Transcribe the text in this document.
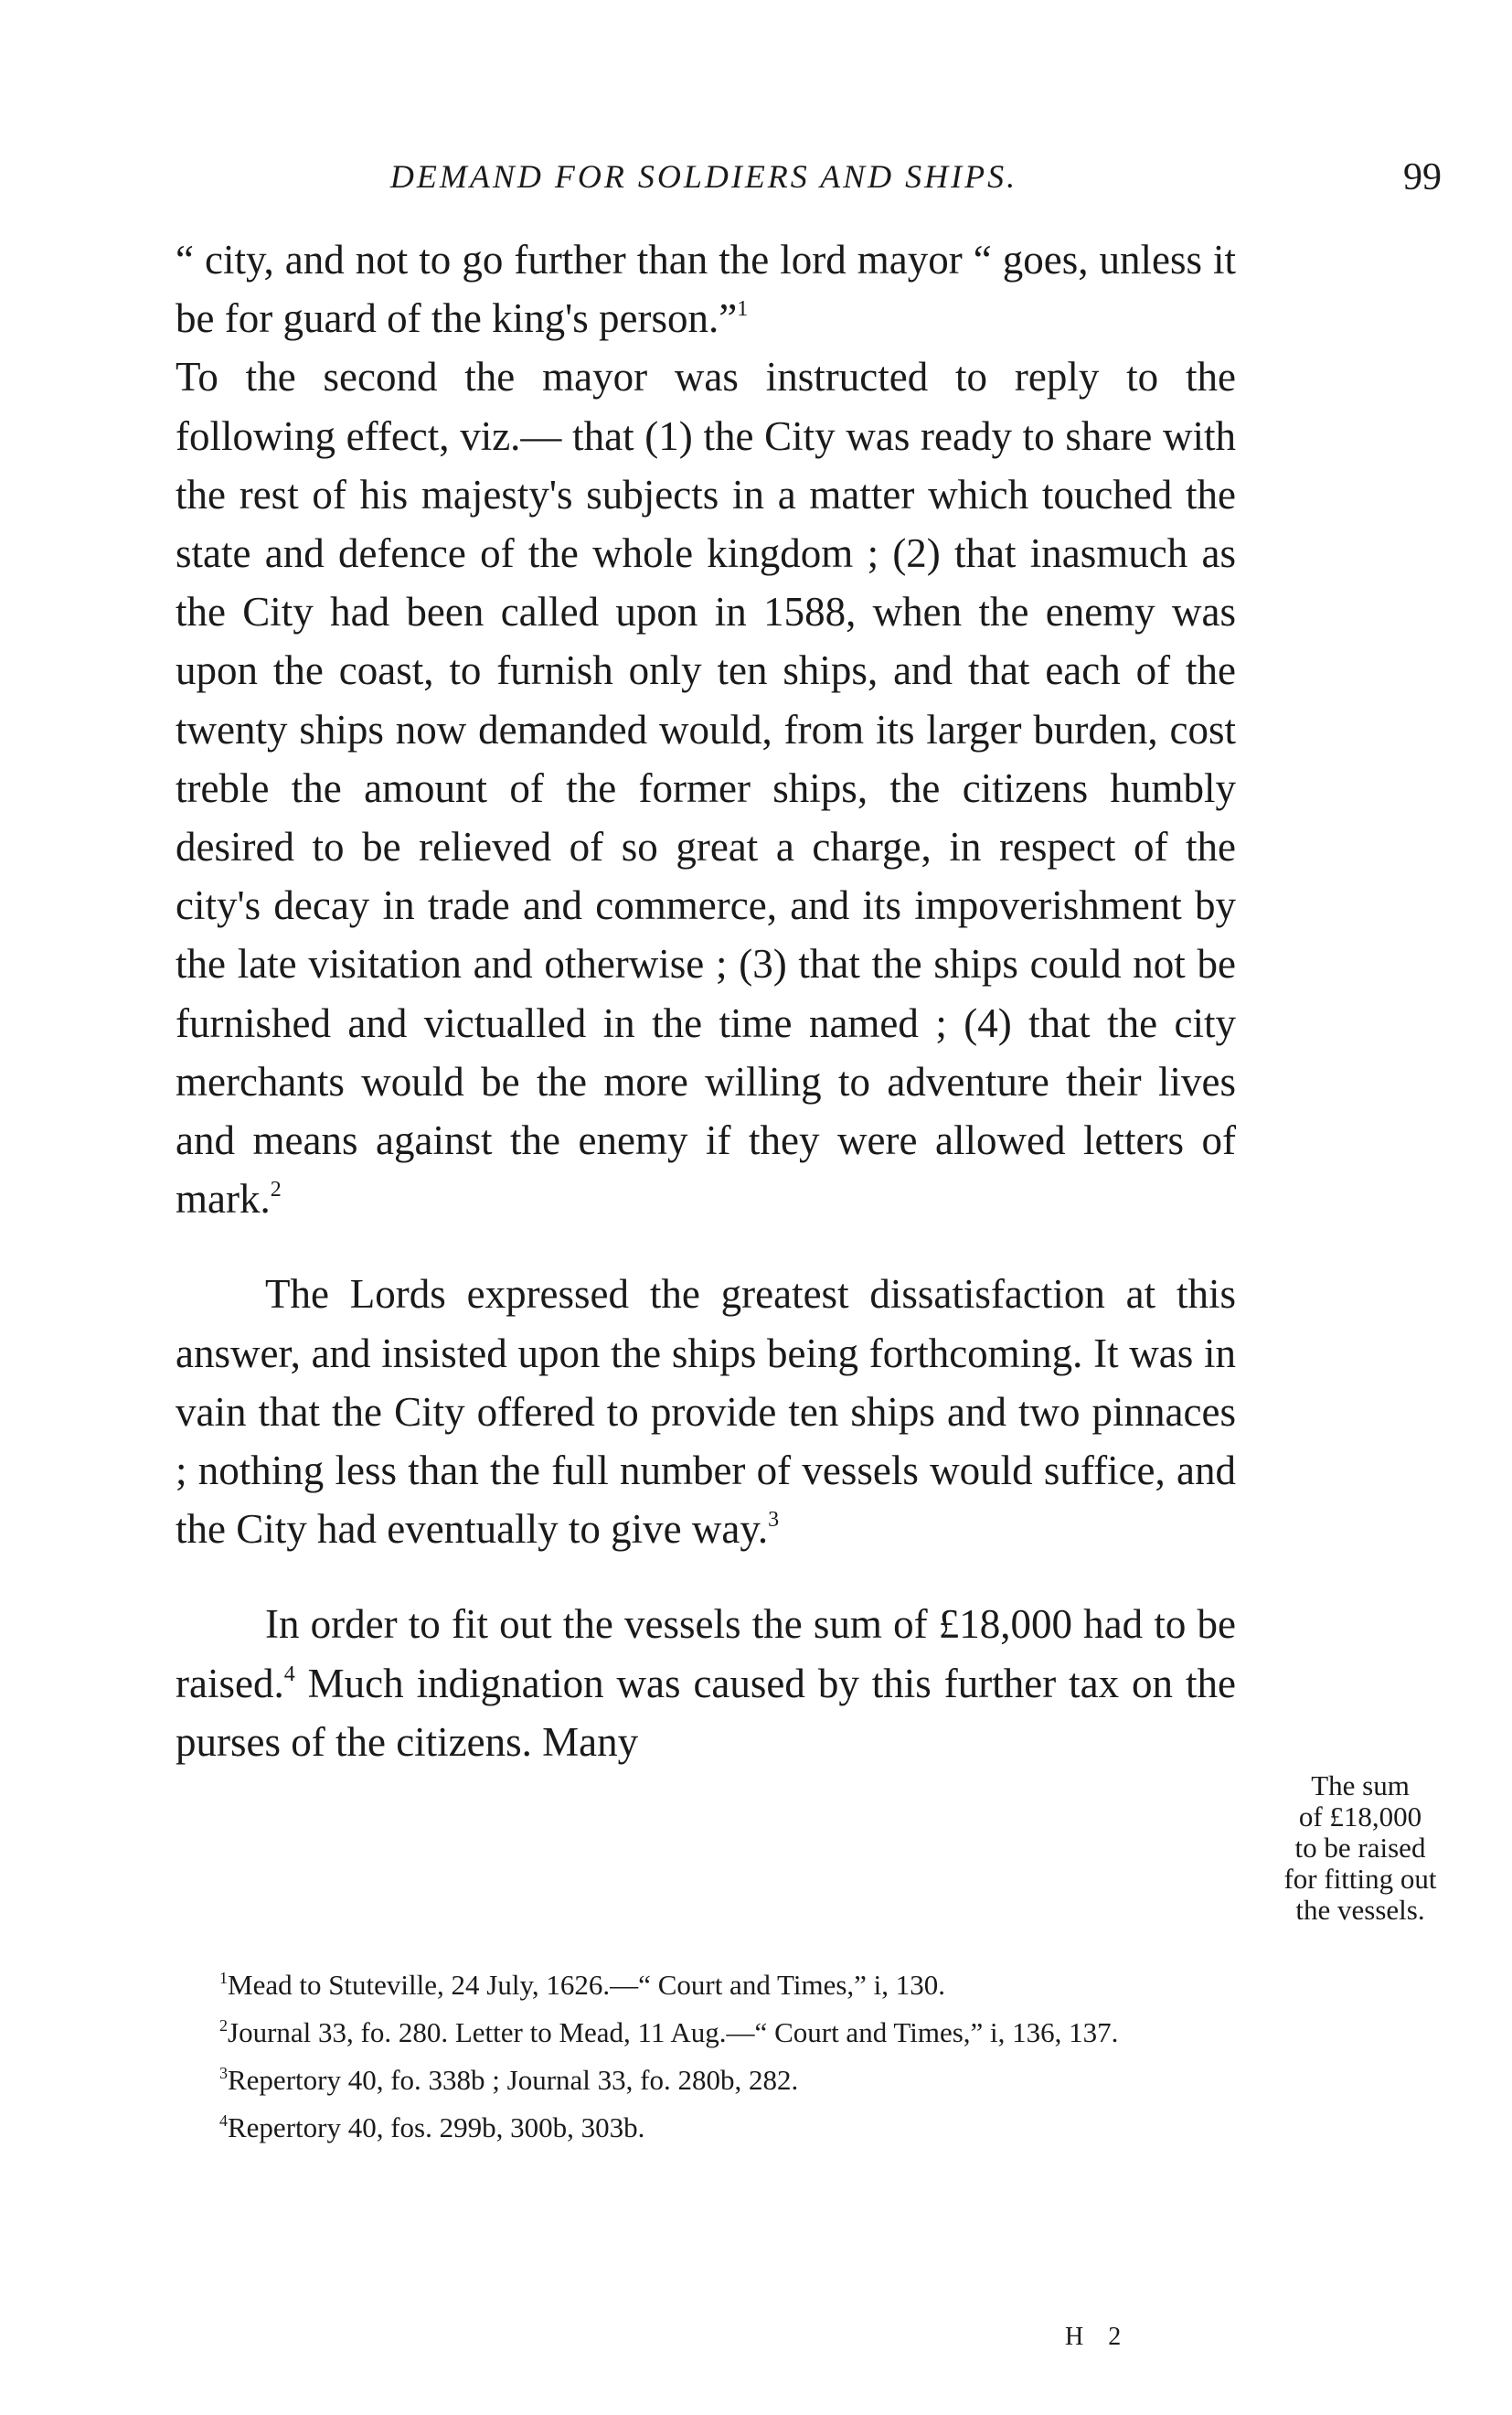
DEMAND FOR SOLDIERS AND SHIPS.	99

“ city, and not to go further than the lord mayor “ goes, unless it be for guard of the king's person.”$^1$

To the second the mayor was instructed to reply to the following effect, viz.— that (1) the City was ready to share with the rest of his majesty's subjects in a matter which touched the state and defence of the whole kingdom ; (2) that inasmuch as the City had been called upon in 1588, when the enemy was upon the coast, to furnish only ten ships, and that each of the twenty ships now demanded would, from its larger burden, cost treble the amount of the former ships, the citizens humbly desired to be relieved of so great a charge, in respect of the city's decay in trade and commerce, and its impoverishment by the late visitation and otherwise ; (3) that the ships could not be furnished and victualled in the time named ; (4) that the city merchants would be the more willing to adventure their lives and means against the enemy if they were allowed letters of mark.$^2$

The Lords expressed the greatest dissatisfaction at this answer, and insisted upon the ships being forthcoming. It was in vain that the City offered to provide ten ships and two pinnaces ; nothing less than the full number of vessels would suffice, and the City had eventually to give way.$^3$

In order to fit out the vessels the sum of £18,000 had to be raised.$^4$ Much indignation was caused by this further tax on the purses of the citizens. Many

The sum
of £18,000
to be raised
for fitting out
the vessels.

$^1$Mead to Stuteville, 24 July, 1626.—“ Court and Times,” i, 130.

$^2$Journal 33, fo. 280. Letter to Mead, 11 Aug.—“ Court and Times,” i, 136, 137.

$^3$Repertory 40, fo. 338b ; Journal 33, fo. 280b, 282.

$^4$Repertory 40, fos. 299b, 300b, 303b.

H 2
